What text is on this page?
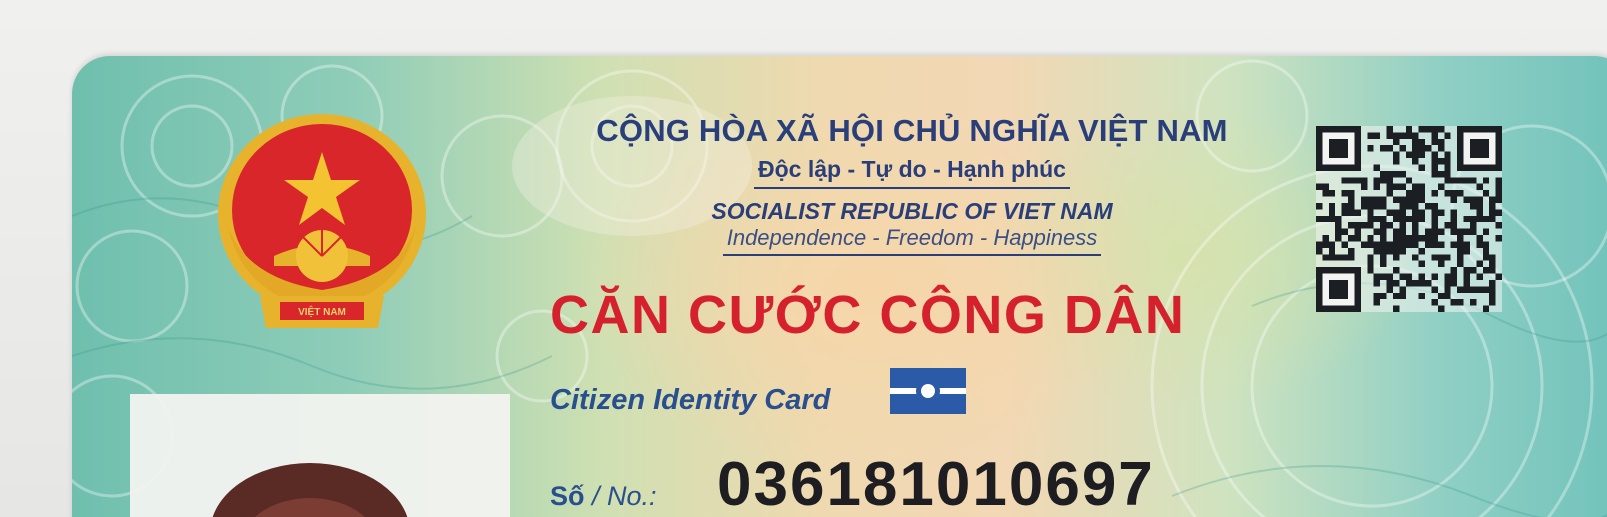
VIỆT NAM
CỘNG HÒA XÃ HỘI CHỦ NGHĨA VIỆT NAM
Độc lập - Tự do - Hạnh phúc
SOCIALIST REPUBLIC OF VIET NAM
Independence - Freedom - Happiness
CĂN CƯỚC CÔNG DÂN
Citizen Identity Card
Số / No.: 036181010697
